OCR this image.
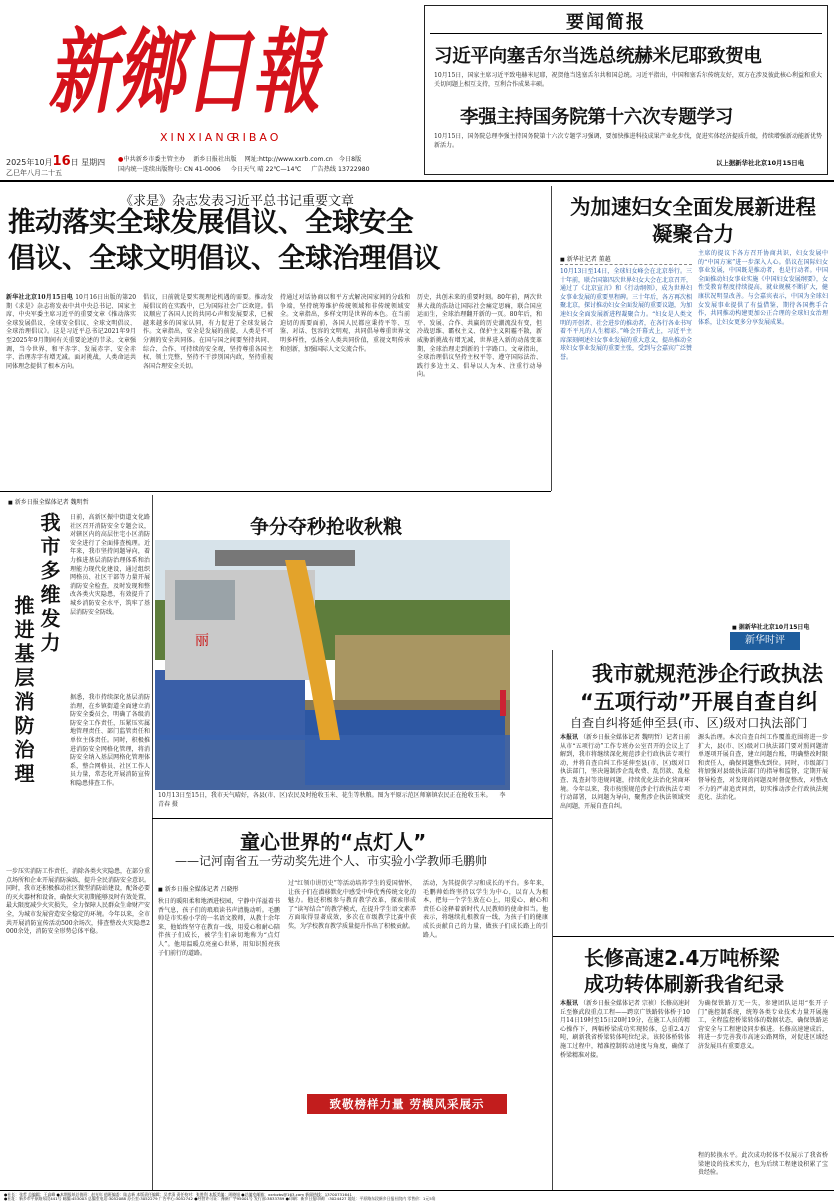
新鄉日報
XINXIANG
RIBAO
2025年10月16日 星期四
乙巳年八月二十五
●中共新乡市委主管主办 新乡日报社出版 网址:http://www.xxrb.com.cn 今日8版
国内统一连续出版物号: CN 41-0006 今日天气 晴 22℃—14℃ 广告热线 13722980
要闻简报
习近平向塞舌尔当选总统赫米尼耶致贺电
10月15日，国家主席习近平致电赫米尼耶，祝贺他当选塞舌尔共和国总统。习近平指出，中国和塞舌尔传统友好，双方在涉及彼此核心利益和重大关切问题上相互支持，互利合作成果丰硕。
李强主持国务院第十六次专题学习
10月15日，国务院总理李强主持国务院第十六次专题学习强调，要加快推进科技成果产业化步伐，促进实体经济提质升级，持续增强新动能新优势新活力。
以上据新华社北京10月15日电
《求是》杂志发表习近平总书记重要文章
推动落实全球发展倡议、全球安全
倡议、全球文明倡议、全球治理倡议
新华社北京10月15日电 10月16日出版的第20期《求是》杂志将发表中共中央总书记、国家主席、中央军委主席习近平的重要文章《推动落实全球发展倡议、全球安全倡议、全球文明倡议、全球治理倡议》。这是习近平总书记2021年9月至2025年9月期间有关重要论述的节录。文章强调，当今世界，和平赤字、发展赤字、安全赤字、治理赤字有增无减。面对挑战，人类命运共同体理念提供了根本方向。
倡议，日前就是要实现理论机遇的需要。推动发展倡议的在实践中，已为国际社会广泛欢迎。倡议顺应了各国人民的共同心声和发展要求，已被越来越多的国家认同，有力促进了全球发展合作。文章指出，安全是发展的前提，人类是不可分割的安全共同体。在国与国之间要坚持共同、综合、合作、可持续的安全观，坚持尊重各国主权、领土完整，坚持不干涉别国内政，坚持重视各国合理安全关切。
持通过对话协商以和平方式解决国家间的分歧和争端，坚持统筹维护传统领域和非传统领域安全。文章指出，多样文明是世界的本色。在当前迫切的需要面前，各国人民都应秉持平等、互鉴、对话、包容的文明观，共同倡导尊重世界文明多样性，弘扬全人类共同价值，重视文明传承和创新，加强国际人文交流合作。
历史，共创未来的重要时刻。80年前，两次世界大战的浩劫让国际社会痛定思痛，联合国应运而生，全球治理翻开新的一页。80年后，和平、发展、合作、共赢的历史潮流没有变，但冷战思维、霸权主义、保护主义阴霾不散，新威胁新挑战有增无减，世界进入新的动荡变革期，全球治理走到新的十字路口。文章指出，全球治理倡议坚持主权平等、遵守国际法治、践行多边主义、倡导以人为本、注重行动导向。
为加速妇女全面发展新进程
凝聚合力
■ 新华社记者 董越
10月13日至14日，全球妇女峰会在北京举行。三十年前，联合国第四次世界妇女大会在北京召开，通过了《北京宣言》和《行动纲领》，成为世界妇女事业发展的重要里程碑。三十年后，各方再次相聚北京，探讨推动妇女全面发展的重要议题，为加速妇女全面发展新进程凝聚合力。“妇女是人类文明的开创者、社会进步的推动者，在各行各业书写着不平凡的人生精彩。”峰会开幕式上，习近平主席深刻阐述妇女事业发展的重大意义，提出推动全球妇女事业发展的重要主张，受到与会嘉宾广泛赞誉。
主席的提议下各方召开协商共识，妇女发展中的“中国方案”进一步深入人心。倡议在国际妇女事业发展，中国既是推动者，也是行动者。中国全面推动妇女事业实施《中国妇女发展纲要》，女性受教育程度持续提高，就业规模不断扩大，健康状况明显改善。与会嘉宾表示，中国为全球妇女发展事业提供了有益借鉴，期待各国携手合作，共同推动构建更加公正合理的全球妇女治理体系，让妇女更多分享发展成果。
■ 据新华社北京10月15日电
新华时评
■ 新乡日报全媒体记者 魏明哲
我市多维发力
推进基层消防治理
日前，高新区振中街道文化路社区召开消防安全专题会议，对辖区内的高层住宅小区消防安全进行了全面排查梳理。近年来，我市坚持问题导向，着力推进基层消防治理体系和治理能力现代化建设，通过组织网格员、社区干部等力量开展消防安全检查，及时发现和整改各类火灾隐患，有效提升了城乡消防安全水平，筑牢了基层消防安全防线。
据悉，我市持续深化基层消防治理，在乡镇街道全面建立消防安全委员会，明确了各级消防安全工作责任，压紧压实属地管理责任、部门监管责任和单位主体责任。同时，积极推进消防安全网格化管理，将消防安全纳入基层网格化管理体系，整合网格员、社区工作人员力量，常态化开展消防宣传和隐患排查工作。
一步压实消防工作责任，消除各类火灾隐患，在部分重点场所和企业开展消防演练，提升全民消防安全意识。同时，我市还积极推动社区微型消防站建设，配备必要的灭火器材和设备，确保火灾初期能够及时有效处置，最大限度减少火灾损失，全力保障人民群众生命财产安全，为城市发展营造安全稳定的环境。今年以来，全市共开展消防宣传活动500余场次，排查整改火灾隐患2000余处，消防安全形势总体平稳。
争分夺秒抢收秋粮
丽
10月13日至15日，我市天气晴好，各县(市、区)农民及时抢收玉米、花生等秋粮。图为平原示范区师寨镇农民正在抢收玉米。 李青春 摄
童心世界的“点灯人”
——记河南省五一劳动奖先进个人、市实验小学教师毛鹏帅
■ 新乡日报全媒体记者 吕晓彤
秋日的暖阳柔和地洒进校园，宁静中洋溢着书香气息，孩子们的琅琅读书声清脆动听。毛鹏帅是市实验小学的一名语文教师，从教十余年来，他始终坚守在教育一线，用爱心和耐心陪伴孩子们成长，被学生们亲切地称为“点灯人”。他用温暖点亮童心世界，用知识照亮孩子们前行的道路。
过“红领巾讲历史”等活动培养学生的爱国情怀，让孩子们在潜移默化中感受中华优秀传统文化的魅力。他还积极参与教育教学改革，探索形成了“读写结合”的教学模式，在提升学生语文素养方面取得显著成效，多次在市级教学比赛中获奖，为学校教育教学质量提升作出了积极贡献。
活动，为其提供学习和成长的平台。多年来，毛鹏帅始终坚持以学生为中心，以育人为根本，把每一个学生放在心上，用爱心、耐心和责任心诠释着新时代人民教师的使命担当。他表示，将继续扎根教育一线，为孩子们的健康成长贡献自己的力量，做孩子们成长路上的引路人。
致敬榜样力量 劳模风采展示
我市就规范涉企行政执法
“五项行动”开展自查自纠
自查自纠将延伸至县(市、区)级对口执法部门
本报讯 （新乡日报全媒体记者 魏明哲）记者日前从市“五项行动”工作专班办公室召开的会议上了解到，我市将继续深化规范涉企行政执法专项行动，并将自查自纠工作延伸至县(市、区)级对口执法部门，坚决遏制涉企乱收费、乱罚款、乱检查、乱查封等违规问题，持续优化法治化营商环境。今年以来，我市按照规范涉企行政执法专项行动部署，以问题为导向，聚焦涉企执法领域突出问题，开展自查自纠。
源头治理。本次自查自纠工作覆盖范围将进一步扩大，县(市、区)级对口执法部门要对照问题清单逐项开展自查，建立问题台账，明确整改时限和责任人，确保问题整改到位。同时，市级部门将加强对县级执法部门的指导和监督，定期开展督导检查，对发现的问题及时督促整改，对整改不力的严肃追责问责，切实推动涉企行政执法规范化、法治化。
长修高速2.4万吨桥梁
成功转体刷新我省纪录
本报讯 （新乡日报全媒体记者 宗祯）长修高速封丘至修武段重点工程——跨京广铁路转体桥于10月14日19时至15日20时19分，在施工人员的精心操作下，两幅桥梁成功实现转体，总重2.4万吨，刷新我省桥梁转体吨位纪录。该转体桥转体施工过程中，精准控制转动速度与角度，确保了桥梁精准对接。
为确保铁路万无一失，参建团队运用“张开子门”施控制系统，统筹各类专业技术力量开展施工，全程监控桥梁转体的数据状态，确保铁路运营安全与工程建设同步推进。长修高速建成后，将进一步完善我市高速公路网络，对促进区域经济发展具有重要意义。
程的转换水平。此次成功转体不仅展示了我省桥梁建设的技术实力，也为后续工程建设积累了宝贵经验。
●社长：张哲 总编辑：王高峰 ●本期报纸总值班：赵光年 值班编委：陆志新 本版责任编辑：吴孝清 责任校对：张胜利 本版美编：周晓旭 ●总编室邮箱：xxrbzbs@163.com 新闻热线：13700731641
●社址：新乡市平原路东段441号 邮编:453003 总编室电话:3052088 办公室:3052279 广告中心:3052742 ●经营许可证：豫新广字95001号 发行部:3833789 ●印刷：新乡日报印刷厂:3024427 地址：平原路东段新乡日报社院内 零售价：1元5角
